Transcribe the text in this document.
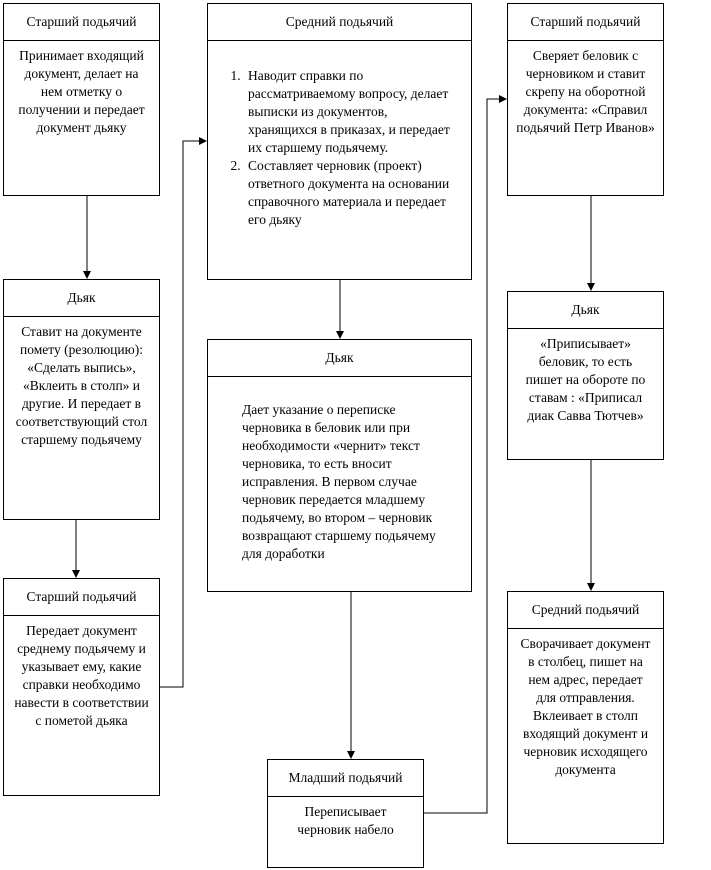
Старший подьячий
Принимает входящий документ, делает на нем отметку о получении и передает документ дьяку
Дьяк
Ставит на документе помету (резолюцию): «Сделать выпись», «Вклеить в столп» и другие. И передает в соответствующий стол старшему подьячему
Старший подьячий
Передает документ среднему подьячему и указывает ему, какие справки необходимо навести в соответствии с пометой дьяка
Средний подьячий
1. Наводит справки по рассматриваемому вопросу, делает выписки из документов, хранящихся в приказах, и передает их старшему подьячему.
2. Составляет черновик (проект) ответного документа на основании справочного материала и передает его дьяку
Дьяк
Дает указание о переписке черновика в беловик или при необходимости «чернит» текст черновика, то есть вносит исправления. В первом случае черновик передается младшему подьячему, во втором – черновик возвращают старшему подьячему для доработки
Младший подьячий
Переписывает черновик набело
Старший подьячий
Сверяет беловик с черновиком и ставит скрепу на оборотной документа: «Справил подьячий Петр Иванов»
Дьяк
«Приписывает» беловик, то есть пишет на обороте по ставам : «Приписал диак Савва Тютчев»
Средний подьячий
Сворачивает документ в столбец, пишет на нем адрес, передает для отправления. Вклеивает в столп входящий документ и черновик исходящего документа
